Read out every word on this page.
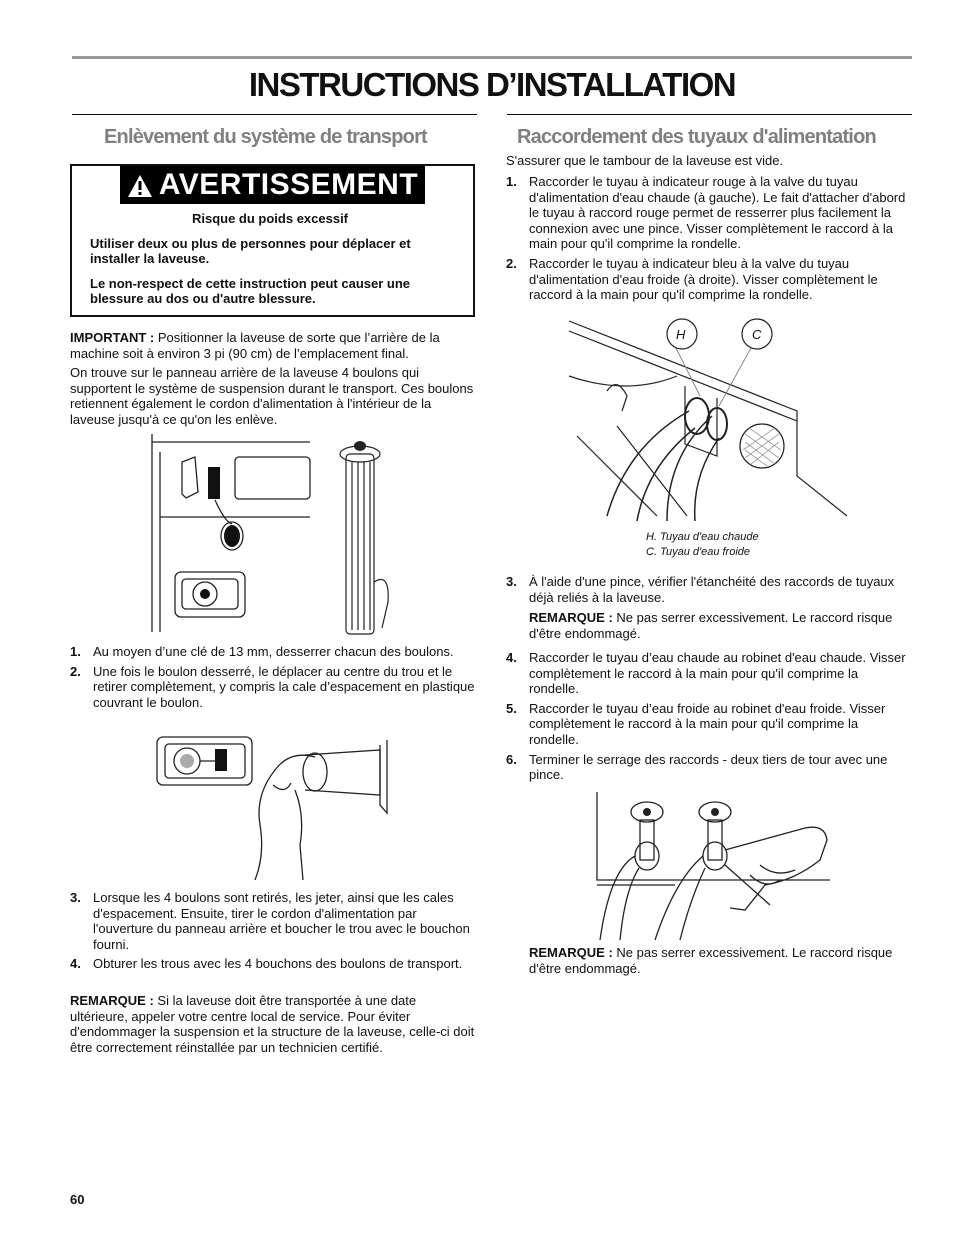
INSTRUCTIONS D’INSTALLATION
Enlèvement du système de transport
AVERTISSEMENT
Risque du poids excessif
Utiliser deux ou plus de personnes pour déplacer et installer la laveuse.
Le non-respect de cette instruction peut causer une blessure au dos ou d'autre blessure.
IMPORTANT : Positionner la laveuse de sorte que l’arrière de la machine soit à environ 3 pi (90 cm) de l’emplacement final.
On trouve sur le panneau arrière de la laveuse 4 boulons qui supportent le système de suspension durant le transport. Ces boulons retiennent également le cordon d'alimentation à l'intérieur de la laveuse jusqu'à ce qu'on les enlève.
1. Au moyen d’une clé de 13 mm, desserrer chacun des boulons.
2. Une fois le boulon desserré, le déplacer au centre du trou et le retirer complètement, y compris la cale d’espacement en plastique couvrant le boulon.
3. Lorsque les 4 boulons sont retirés, les jeter, ainsi que les cales d'espacement. Ensuite, tirer le cordon d'alimentation par l'ouverture du panneau arrière et boucher le trou avec le bouchon fourni.
4. Obturer les trous avec les 4 bouchons des boulons de transport.
REMARQUE : Si la laveuse doit être transportée à une date ultérieure, appeler votre centre local de service. Pour éviter d'endommager la suspension et la structure de la laveuse, celle-ci doit être correctement réinstallée par un technicien certifié.
Raccordement des tuyaux d'alimentation
S'assurer que le tambour de la laveuse est vide.
1. Raccorder le tuyau à indicateur rouge à la valve du tuyau d'alimentation d'eau chaude (à gauche). Le fait d'attacher d'abord le tuyau à raccord rouge permet de resserrer plus facilement la connexion avec une pince. Visser complètement le raccord à la main pour qu'il comprime la rondelle.
2. Raccorder le tuyau à indicateur bleu à la valve du tuyau d'alimentation d'eau froide (à droite). Visser complètement le raccord à la main pour qu'il comprime la rondelle.
H	C
H. Tuyau d'eau chaude
C. Tuyau d'eau froide
3. À l'aide d'une pince, vérifier l'étanchéité des raccords de tuyaux déjà reliés à la laveuse.
REMARQUE : Ne pas serrer excessivement. Le raccord risque d'être endommagé.
4. Raccorder le tuyau d’eau chaude au robinet d'eau chaude. Visser complètement le raccord à la main pour qu'il comprime la rondelle.
5. Raccorder le tuyau d’eau froide au robinet d'eau froide. Visser complètement le raccord à la main pour qu'il comprime la rondelle.
6. Terminer le serrage des raccords - deux tiers de tour avec une pince.
REMARQUE : Ne pas serrer excessivement. Le raccord risque d'être endommagé.
60
